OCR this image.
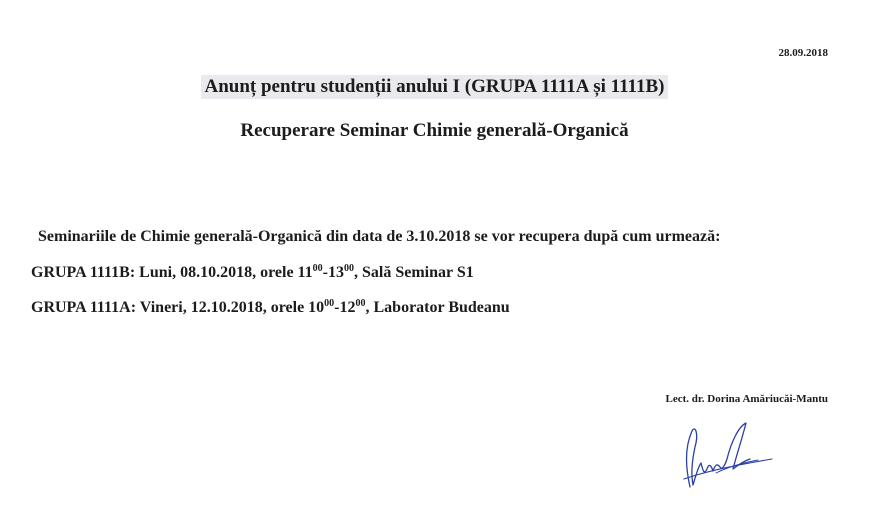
28.09.2018
Anunț pentru studenții anului I (GRUPA 1111A și 1111B)
Recuperare Seminar Chimie generală-Organică
Seminariile de Chimie generală-Organică din data de 3.10.2018 se vor recupera după cum urmează:
GRUPA 1111B: Luni, 08.10.2018, orele $11^{00}-13^{00}$, Sală Seminar S1
GRUPA 1111A: Vineri, 12.10.2018, orele $10^{00}-12^{00}$, Laborator Budeanu
Lect. dr. Dorina Amăriucăi-Mantu
